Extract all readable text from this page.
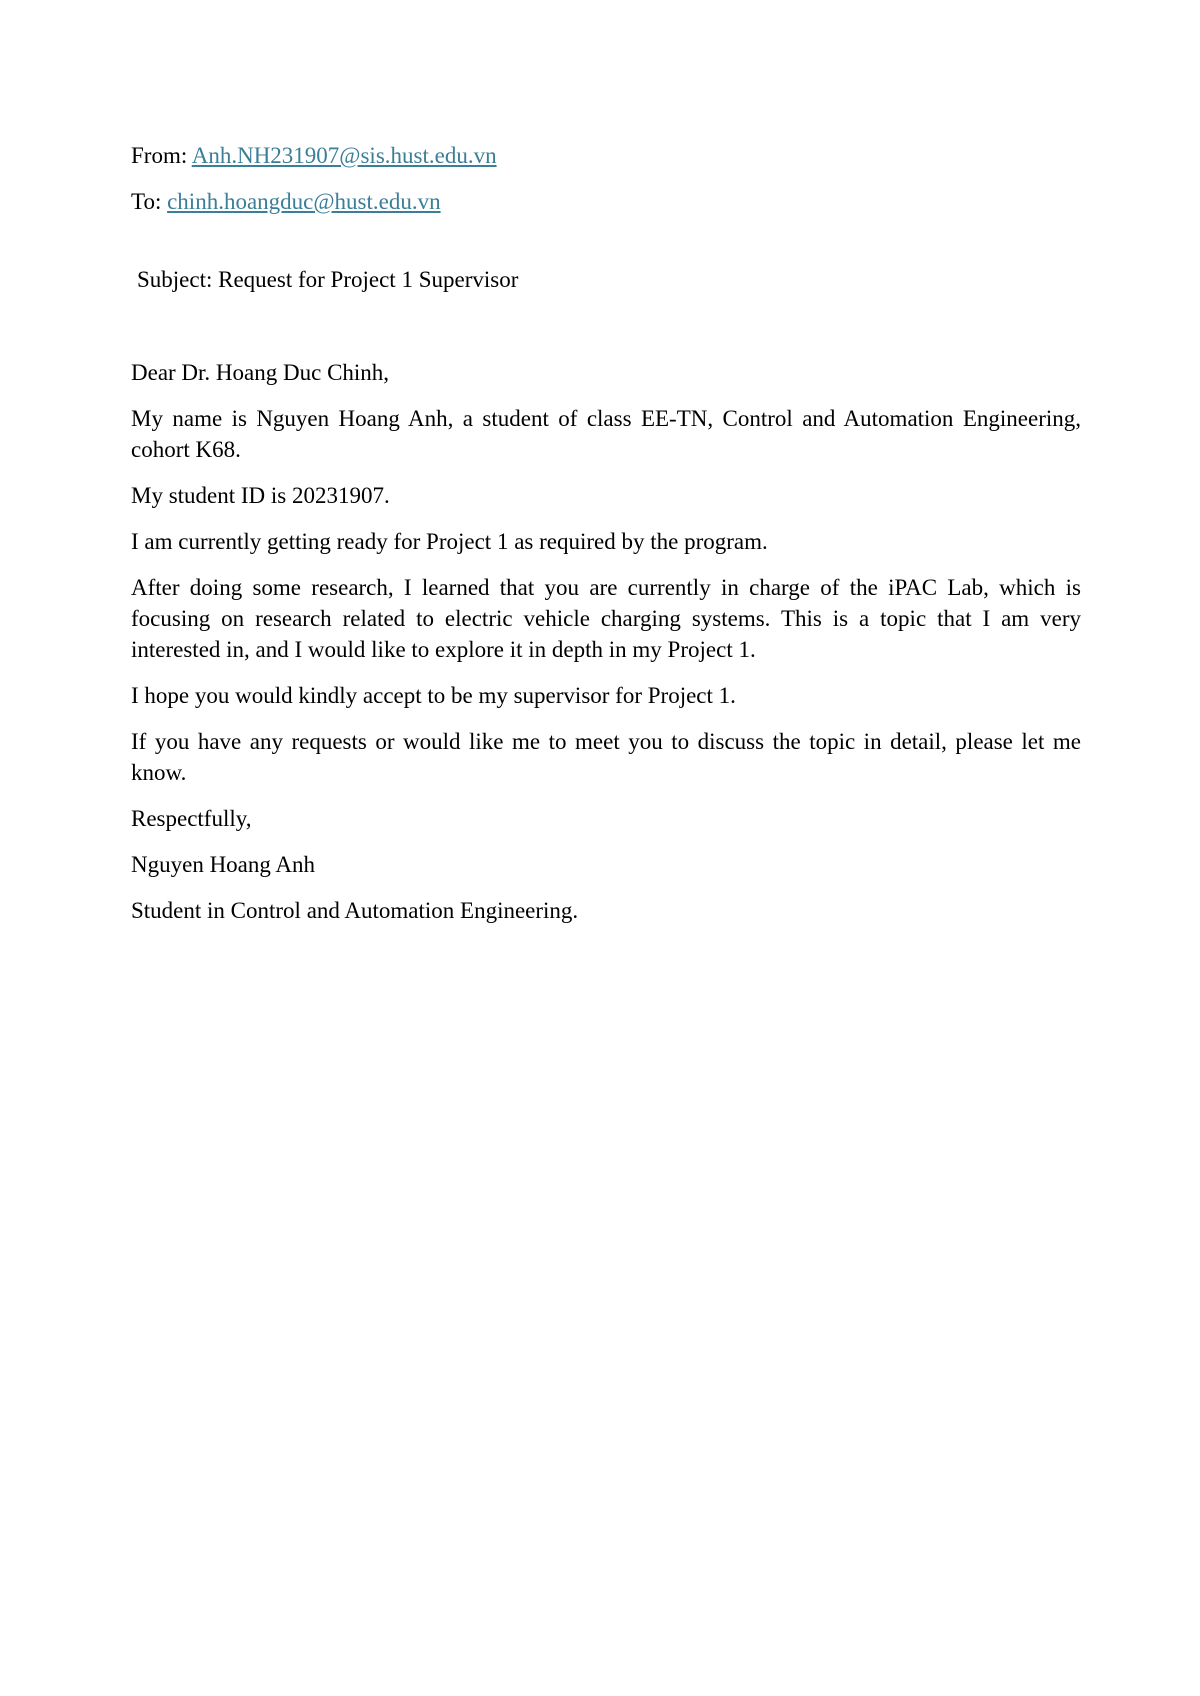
From: Anh.NH231907@sis.hust.edu.vn

To: chinh.hoangduc@hust.edu.vn

Subject: Request for Project 1 Supervisor

Dear Dr. Hoang Duc Chinh,

My name is Nguyen Hoang Anh, a student of class EE-TN, Control and Automation Engineering, cohort K68.

My student ID is 20231907.

I am currently getting ready for Project 1 as required by the program.

After doing some research, I learned that you are currently in charge of the iPAC Lab, which is focusing on research related to electric vehicle charging systems. This is a topic that I am very interested in, and I would like to explore it in depth in my Project 1.

I hope you would kindly accept to be my supervisor for Project 1.

If you have any requests or would like me to meet you to discuss the topic in detail, please let me know.

Respectfully,

Nguyen Hoang Anh

Student in Control and Automation Engineering.
